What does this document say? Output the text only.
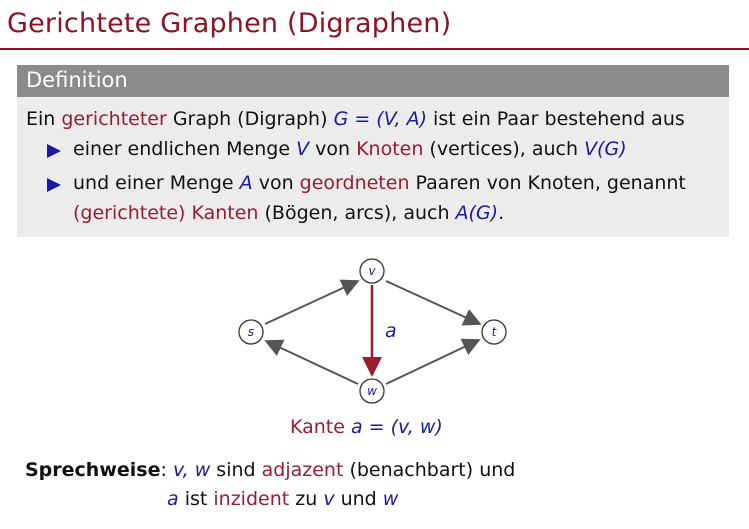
Gerichtete Graphen (Digraphen)
Definition
Ein gerichteter Graph (Digraph) G = (V, A) ist ein Paar bestehend aus
einer endlichen Menge V von Knoten (vertices), auch V(G)
und einer Menge A von geordneten Paaren von Knoten, genannt
(gerichtete) Kanten (Bögen, arcs), auch A(G).
v
s	t
w
a
Kante a = (v, w)
Sprechweise: v, w sind adjazent (benachbart) und
a ist inzident zu v und w
